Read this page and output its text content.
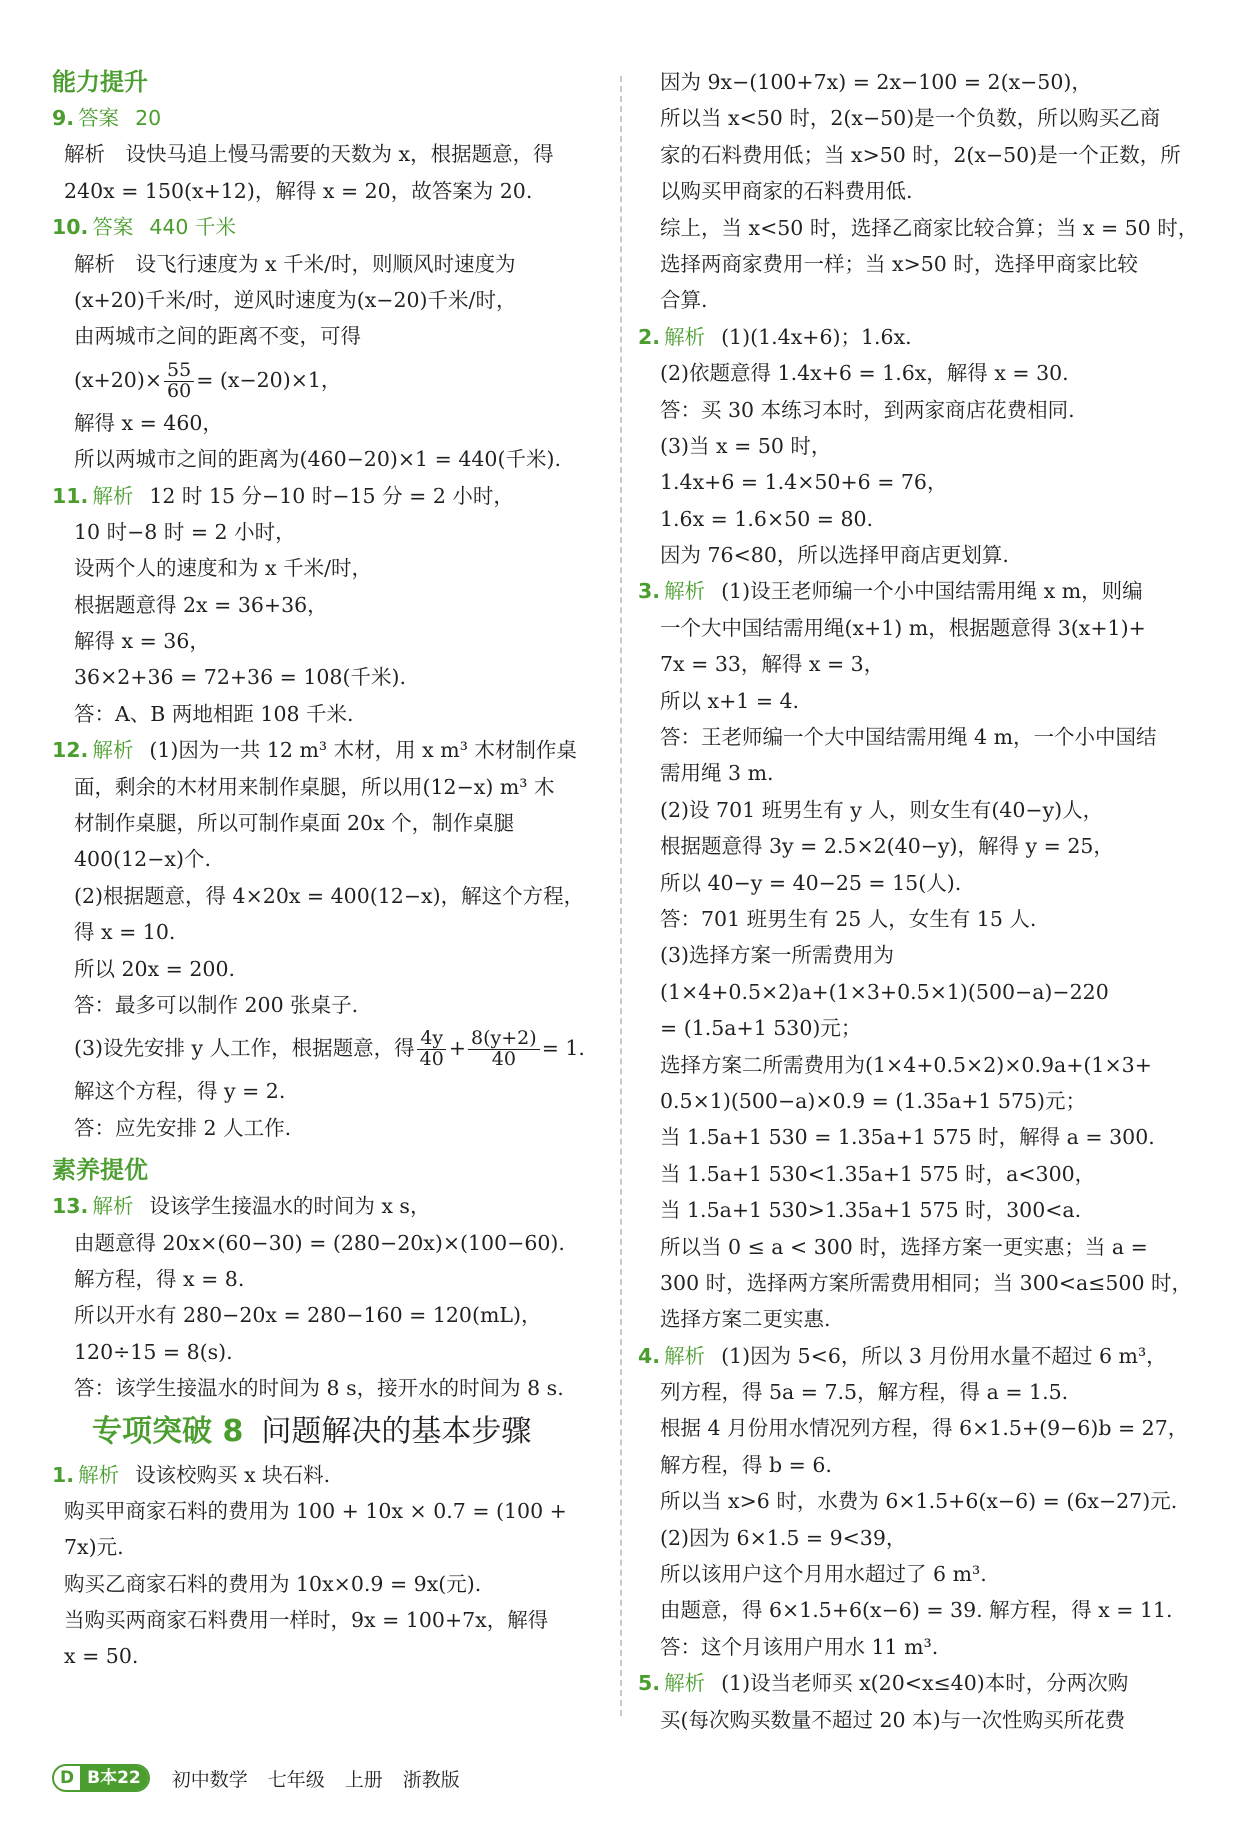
能力提升
9. 答案 20
解析　设快马追上慢马需要的天数为 x，根据题意，得
240x = 150(x+12)，解得 x = 20，故答案为 20.
10. 答案 440 千米
解析　设飞行速度为 x 千米/时，则顺风时速度为
(x+20)千米/时，逆风时速度为(x−20)千米/时，
由两城市之间的距离不变，可得
$(x+20)\times \frac{55}{60} = (x-20)\times 1$，
解得 x = 460，
所以两城市之间的距离为(460−20)×1 = 440(千米).
11. 解析 12 时 15 分−10 时−15 分 = 2 小时，
10 时−8 时 = 2 小时，
设两个人的速度和为 x 千米/时，
根据题意得 2x = 36+36，
解得 x = 36，
36×2+36 = 72+36 = 108(千米).
答：A、B 两地相距 108 千米.
12. 解析 (1)因为一共 12 m³ 木材，用 x m³ 木材制作桌
面，剩余的木材用来制作桌腿，所以用(12−x) m³ 木
材制作桌腿，所以可制作桌面 20x 个，制作桌腿
400(12−x)个.
(2)根据题意，得 4×20x = 400(12−x)，解这个方程，
得 x = 10.
所以 20x = 200.
答：最多可以制作 200 张桌子.
(3)设先安排 y 人工作，根据题意，得 $\frac{4y}{40} + \frac{8(y+2)}{40} = 1$.
解这个方程，得 y = 2.
答：应先安排 2 人工作.
素养提优
13. 解析 设该学生接温水的时间为 x s，
由题意得 20x×(60−30) = (280−20x)×(100−60).
解方程，得 x = 8.
所以开水有 280−20x = 280−160 = 120(mL)，
120÷15 = 8(s).
答：该学生接温水的时间为 8 s，接开水的时间为 8 s.
专项突破 8 问题解决的基本步骤
1. 解析 设该校购买 x 块石料.
购买甲商家石料的费用为 100 + 10x × 0.7 = (100 +
7x)元.
购买乙商家石料的费用为 10x×0.9 = 9x(元).
当购买两商家石料费用一样时，9x = 100+7x，解得
x = 50.
因为 9x−(100+7x) = 2x−100 = 2(x−50)，
所以当 x<50 时，2(x−50)是一个负数，所以购买乙商
家的石料费用低；当 x>50 时，2(x−50)是一个正数，所
以购买甲商家的石料费用低.
综上，当 x<50 时，选择乙商家比较合算；当 x = 50 时，
选择两商家费用一样；当 x>50 时，选择甲商家比较
合算.
2. 解析 (1)(1.4x+6)；1.6x.
(2)依题意得 1.4x+6 = 1.6x，解得 x = 30.
答：买 30 本练习本时，到两家商店花费相同.
(3)当 x = 50 时，
1.4x+6 = 1.4×50+6 = 76，
1.6x = 1.6×50 = 80.
因为 76<80，所以选择甲商店更划算.
3. 解析 (1)设王老师编一个小中国结需用绳 x m，则编
一个大中国结需用绳(x+1) m，根据题意得 3(x+1)+
7x = 33，解得 x = 3，
所以 x+1 = 4.
答：王老师编一个大中国结需用绳 4 m，一个小中国结
需用绳 3 m.
(2)设 701 班男生有 y 人，则女生有(40−y)人，
根据题意得 3y = 2.5×2(40−y)，解得 y = 25，
所以 40−y = 40−25 = 15(人).
答：701 班男生有 25 人，女生有 15 人.
(3)选择方案一所需费用为
(1×4+0.5×2)a+(1×3+0.5×1)(500−a)−220
= (1.5a+1 530)元；
选择方案二所需费用为(1×4+0.5×2)×0.9a+(1×3+
0.5×1)(500−a)×0.9 = (1.35a+1 575)元；
当 1.5a+1 530 = 1.35a+1 575 时，解得 a = 300.
当 1.5a+1 530<1.35a+1 575 时，a<300，
当 1.5a+1 530>1.35a+1 575 时，300<a.
所以当 0 ≤ a < 300 时，选择方案一更实惠；当 a =
300 时，选择两方案所需费用相同；当 300<a≤500 时，
选择方案二更实惠.
4. 解析 (1)因为 5<6，所以 3 月份用水量不超过 6 m³，
列方程，得 5a = 7.5，解方程，得 a = 1.5.
根据 4 月份用水情况列方程，得 6×1.5+(9−6)b = 27，
解方程，得 b = 6.
所以当 x>6 时，水费为 6×1.5+6(x−6) = (6x−27)元.
(2)因为 6×1.5 = 9<39，
所以该用户这个月用水超过了 6 m³.
由题意，得 6×1.5+6(x−6) = 39. 解方程，得 x = 11.
答：这个月该用户用水 11 m³.
5. 解析 (1)设当老师买 x(20<x≤40)本时，分两次购
买(每次购买数量不超过 20 本)与一次性购买所花费
D B本22	初中数学 七年级 上册 浙教版
